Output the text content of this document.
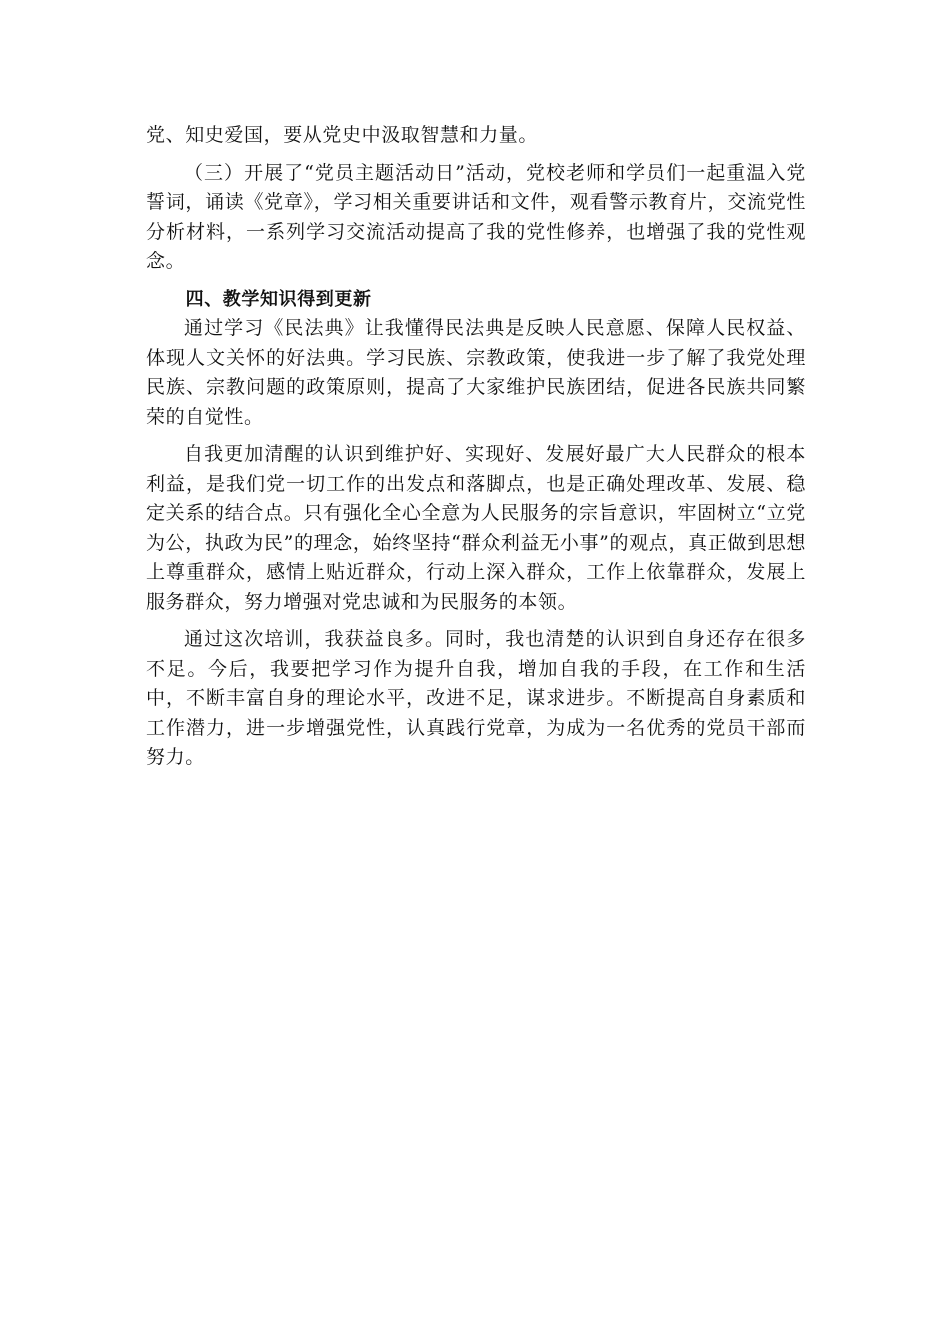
党、知史爱国，要从党史中汲取智慧和力量。

（三）开展了“党员主题活动日”活动，党校老师和学员们一起重温入党誓词，诵读《党章》，学习相关重要讲话和文件，观看警示教育片，交流党性分析材料，一系列学习交流活动提高了我的党性修养，也增强了我的党性观念。

四、教学知识得到更新

通过学习《民法典》让我懂得民法典是反映人民意愿、保障人民权益、体现人文关怀的好法典。学习民族、宗教政策，使我进一步了解了我党处理民族、宗教问题的政策原则，提高了大家维护民族团结，促进各民族共同繁荣的自觉性。

自我更加清醒的认识到维护好、实现好、发展好最广大人民群众的根本利益，是我们党一切工作的出发点和落脚点，也是正确处理改革、发展、稳定关系的结合点。只有强化全心全意为人民服务的宗旨意识，牢固树立“立党为公，执政为民”的理念，始终坚持“群众利益无小事”的观点，真正做到思想上尊重群众，感情上贴近群众，行动上深入群众，工作上依靠群众，发展上服务群众，努力增强对党忠诚和为民服务的本领。

通过这次培训，我获益良多。同时，我也清楚的认识到自身还存在很多不足。今后，我要把学习作为提升自我，增加自我的手段，在工作和生活中，不断丰富自身的理论水平，改进不足，谋求进步。不断提高自身素质和工作潜力，进一步增强党性，认真践行党章，为成为一名优秀的党员干部而努力。
